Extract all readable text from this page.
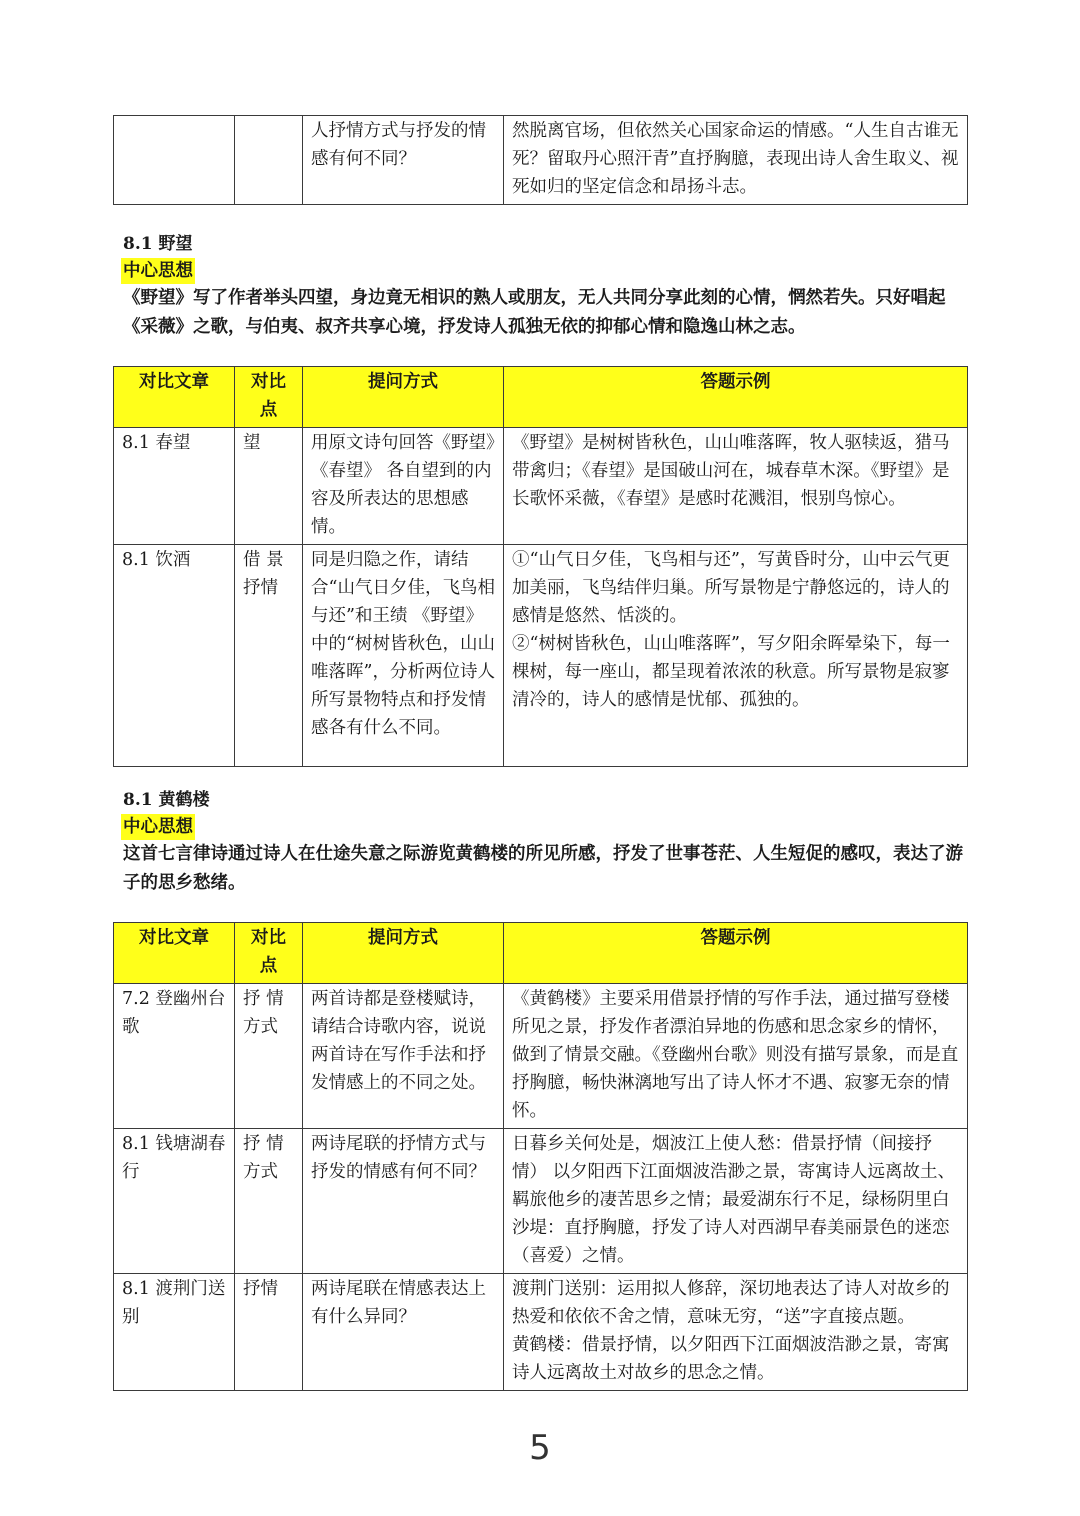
		人抒情方式与抒发的情感有何不同？	然脱离官场，但依然关心国家命运的情感。“人生自古谁无死？留取丹心照汗青”直抒胸臆，表现出诗人舍生取义、视死如归的坚定信念和昂扬斗志。
8.1 野望
中心思想
《野望》写了作者举头四望，身边竟无相识的熟人或朋友，无人共同分享此刻的心情，惘然若失。只好唱起《采薇》之歌，与伯夷、叔齐共享心境，抒发诗人孤独无依的抑郁心情和隐逸山林之志。
对比文章	对比点	提问方式	答题示例
8.1 春望	望	用原文诗句回答《野望》《春望》 各自望到的内容及所表达的思想感情。	《野望》是树树皆秋色，山山唯落晖，牧人驱犊返，猎马带禽归；《春望》是国破山河在，城春草木深。《野望》是长歌怀采薇，《春望》是感时花溅泪，恨别鸟惊心。
8.1 饮酒	借 景 抒情	同是归隐之作，请结合“山气日夕佳，飞鸟相与还”和王绩 《野望》中的“树树皆秋色，山山唯落晖”，分析两位诗人所写景物特点和抒发情感各有什么不同。	①“山气日夕佳，飞鸟相与还”，写黄昏时分，山中云气更加美丽，飞鸟结伴归巢。所写景物是宁静悠远的，诗人的感情是悠然、恬淡的。
②“树树皆秋色，山山唯落晖”，写夕阳余晖晕染下，每一棵树，每一座山，都呈现着浓浓的秋意。所写景物是寂寥清冷的，诗人的感情是忧郁、孤独的。
8.1 黄鹤楼
中心思想
这首七言律诗通过诗人在仕途失意之际游览黄鹤楼的所见所感，抒发了世事苍茫、人生短促的感叹，表达了游子的思乡愁绪。
对比文章	对比点	提问方式	答题示例
7.2 登幽州台歌	抒 情方式	两首诗都是登楼赋诗，请结合诗歌内容，说说两首诗在写作手法和抒发情感上的不同之处。	《黄鹤楼》主要采用借景抒情的写作手法，通过描写登楼所见之景，抒发作者漂泊异地的伤感和思念家乡的情怀，做到了情景交融。《登幽州台歌》则没有描写景象，而是直抒胸臆，畅快淋漓地写出了诗人怀才不遇、寂寥无奈的情怀。
8.1 钱塘湖春行	抒 情方式	两诗尾联的抒情方式与抒发的情感有何不同？	日暮乡关何处是，烟波江上使人愁：借景抒情（间接抒情） 以夕阳西下江面烟波浩渺之景，寄寓诗人远离故土、羁旅他乡的凄苦思乡之情；最爱湖东行不足，绿杨阴里白沙堤：直抒胸臆，抒发了诗人对西湖早春美丽景色的迷恋（喜爱）之情。
8.1 渡荆门送别	抒情	两诗尾联在情感表达上有什么异同？	渡荆门送别：运用拟人修辞，深切地表达了诗人对故乡的热爱和依依不舍之情，意味无穷，“送”字直接点题。
黄鹤楼：借景抒情，以夕阳西下江面烟波浩渺之景，寄寓诗人远离故土对故乡的思念之情。
5
